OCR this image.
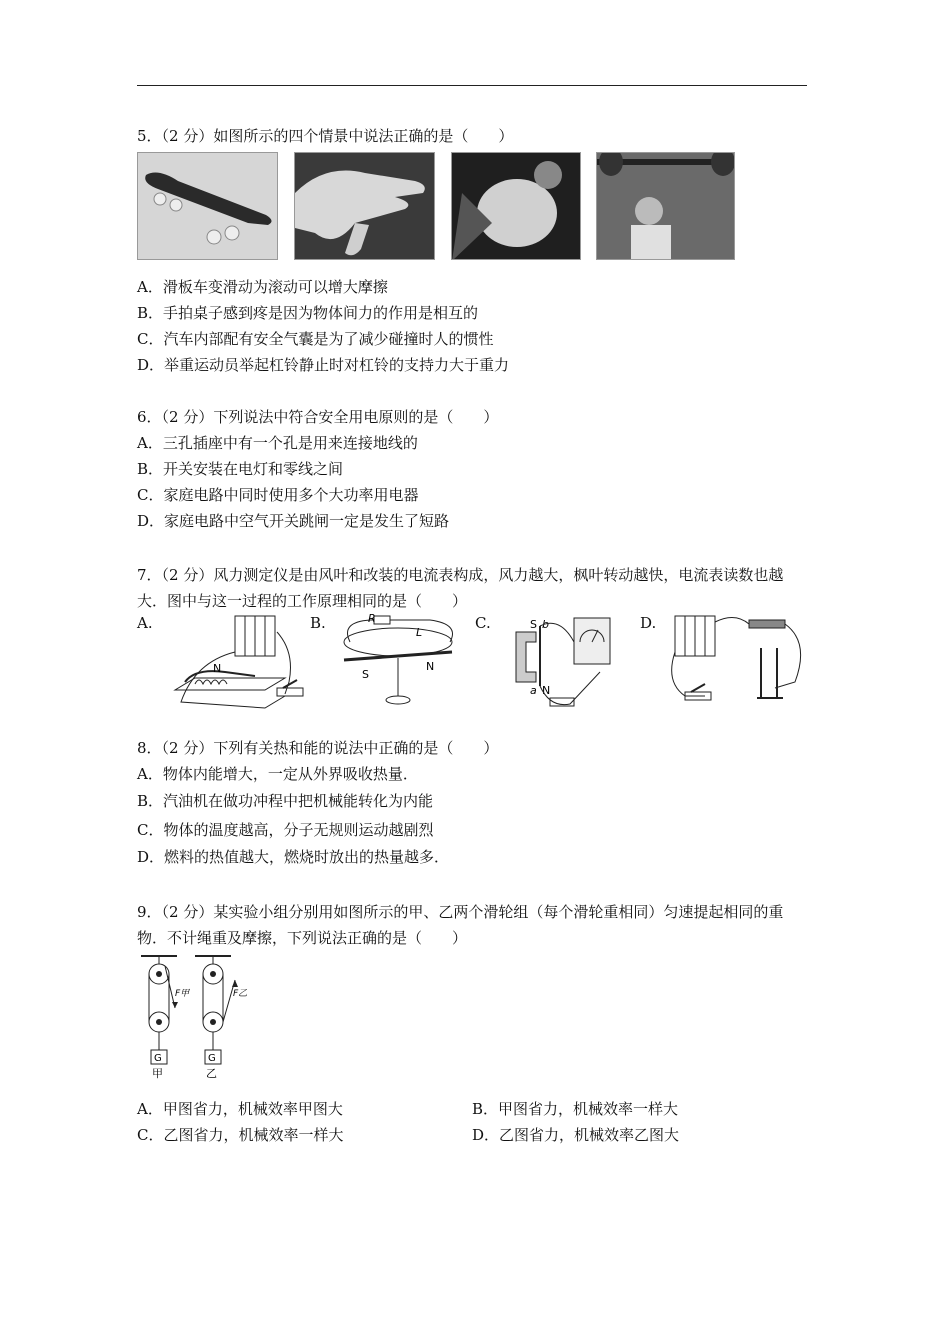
5．（2 分）如图所示的四个情景中说法正确的是（　　）
A．滑板车变滑动为滚动可以增大摩擦
B．手拍桌子感到疼是因为物体间力的作用是相互的
C．汽车内部配有安全气囊是为了减少碰撞时人的惯性
D．举重运动员举起杠铃静止时对杠铃的支持力大于重力
6．（2 分）下列说法中符合安全用电原则的是（　　）
A．三孔插座中有一个孔是用来连接地线的
B．开关安装在电灯和零线之间
C．家庭电路中同时使用多个大功率用电器
D．家庭电路中空气开关跳闸一定是发生了短路
7．（2 分）风力测定仪是由风叶和改装的电流表构成，风力越大，枫叶转动越快，电流表读数也越大．图中与这一过程的工作原理相同的是（　　）
A.	B.	C.	D.
N
R
L
S
N
S b
a N
8．（2 分）下列有关热和能的说法中正确的是（　　）
A．物体内能增大，一定从外界吸收热量．
B．汽油机在做功冲程中把机械能转化为内能
C．物体的温度越高，分子无规则运动越剧烈
D．燃料的热值越大，燃烧时放出的热量越多．
9．（2 分）某实验小组分别用如图所示的甲、乙两个滑轮组（每个滑轮重相同）匀速提起相同的重物．不计绳重及摩擦，下列说法正确的是（　　）
F甲
G
甲
F乙
G
乙
A．甲图省力，机械效率甲图大	B．甲图省力，机械效率一样大
C．乙图省力，机械效率一样大	D．乙图省力，机械效率乙图大
